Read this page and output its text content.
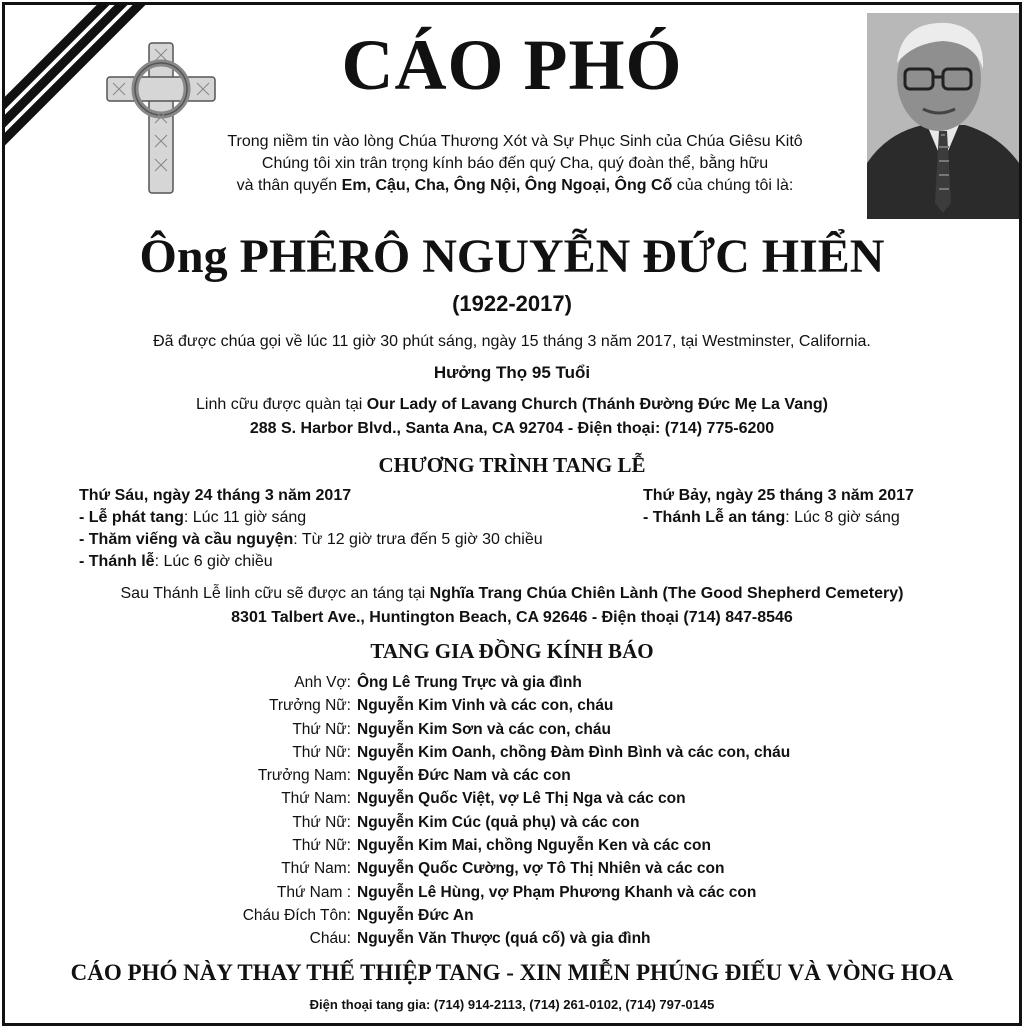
CÁO PHÓ
Trong niềm tin vào lòng Chúa Thương Xót và Sự Phục Sinh của Chúa Giêsu Kitô
Chúng tôi xin trân trọng kính báo đến quý Cha, quý đoàn thể, bằng hữu
và thân quyến Em, Cậu, Cha, Ông Nội, Ông Ngoại, Ông Cố của chúng tôi là:
Ông PHÊRÔ NGUYỄN ĐỨC HIỂN
(1922-2017)
Đã được chúa gọi về lúc 11 giờ 30 phút sáng, ngày 15 tháng 3 năm 2017, tại Westminster, California.
Hưởng Thọ 95 Tuổi
Linh cữu được quàn tại Our Lady of Lavang Church (Thánh Đường Đức Mẹ La Vang)
288 S. Harbor Blvd., Santa Ana, CA 92704 - Điện thoại: (714) 775-6200
CHƯƠNG TRÌNH TANG LỄ
Thứ Sáu, ngày 24 tháng 3 năm 2017
- Lễ phát tang: Lúc 11 giờ sáng
- Thăm viếng và cầu nguyện: Từ 12 giờ trưa đến 5 giờ 30 chiều
- Thánh lễ: Lúc 6 giờ chiều
Thứ Bảy, ngày 25 tháng 3 năm 2017
- Thánh Lễ an táng: Lúc 8 giờ sáng
Sau Thánh Lễ linh cữu sẽ được an táng tại Nghĩa Trang Chúa Chiên Lành (The Good Shepherd Cemetery)
8301 Talbert Ave., Huntington Beach, CA 92646 - Điện thoại (714) 847-8546
TANG GIA ĐỒNG KÍNH BÁO
Anh Vợ: Ông Lê Trung Trực và gia đình
Trưởng Nữ: Nguyễn Kim Vinh và các con, cháu
Thứ Nữ: Nguyễn Kim Sơn và các con, cháu
Thứ Nữ: Nguyễn Kim Oanh, chồng Đàm Đình Bình và các con, cháu
Trưởng Nam: Nguyễn Đức Nam và các con
Thứ Nam: Nguyễn Quốc Việt, vợ Lê Thị Nga và các con
Thứ Nữ: Nguyễn Kim Cúc (quả phụ) và các con
Thứ Nữ: Nguyễn Kim Mai, chồng Nguyễn Ken và các con
Thứ Nam: Nguyễn Quốc Cường, vợ Tô Thị Nhiên và các con
Thứ Nam : Nguyễn Lê Hùng, vợ Phạm Phương Khanh và các con
Cháu Đích Tôn: Nguyễn Đức An
Cháu: Nguyễn Văn Thược (quá cố) và gia đình
CÁO PHÓ NÀY THAY THẾ THIỆP TANG - XIN MIỄN PHÚNG ĐIẾU VÀ VÒNG HOA
Điện thoại tang gia: (714) 914-2113, (714) 261-0102, (714) 797-0145
